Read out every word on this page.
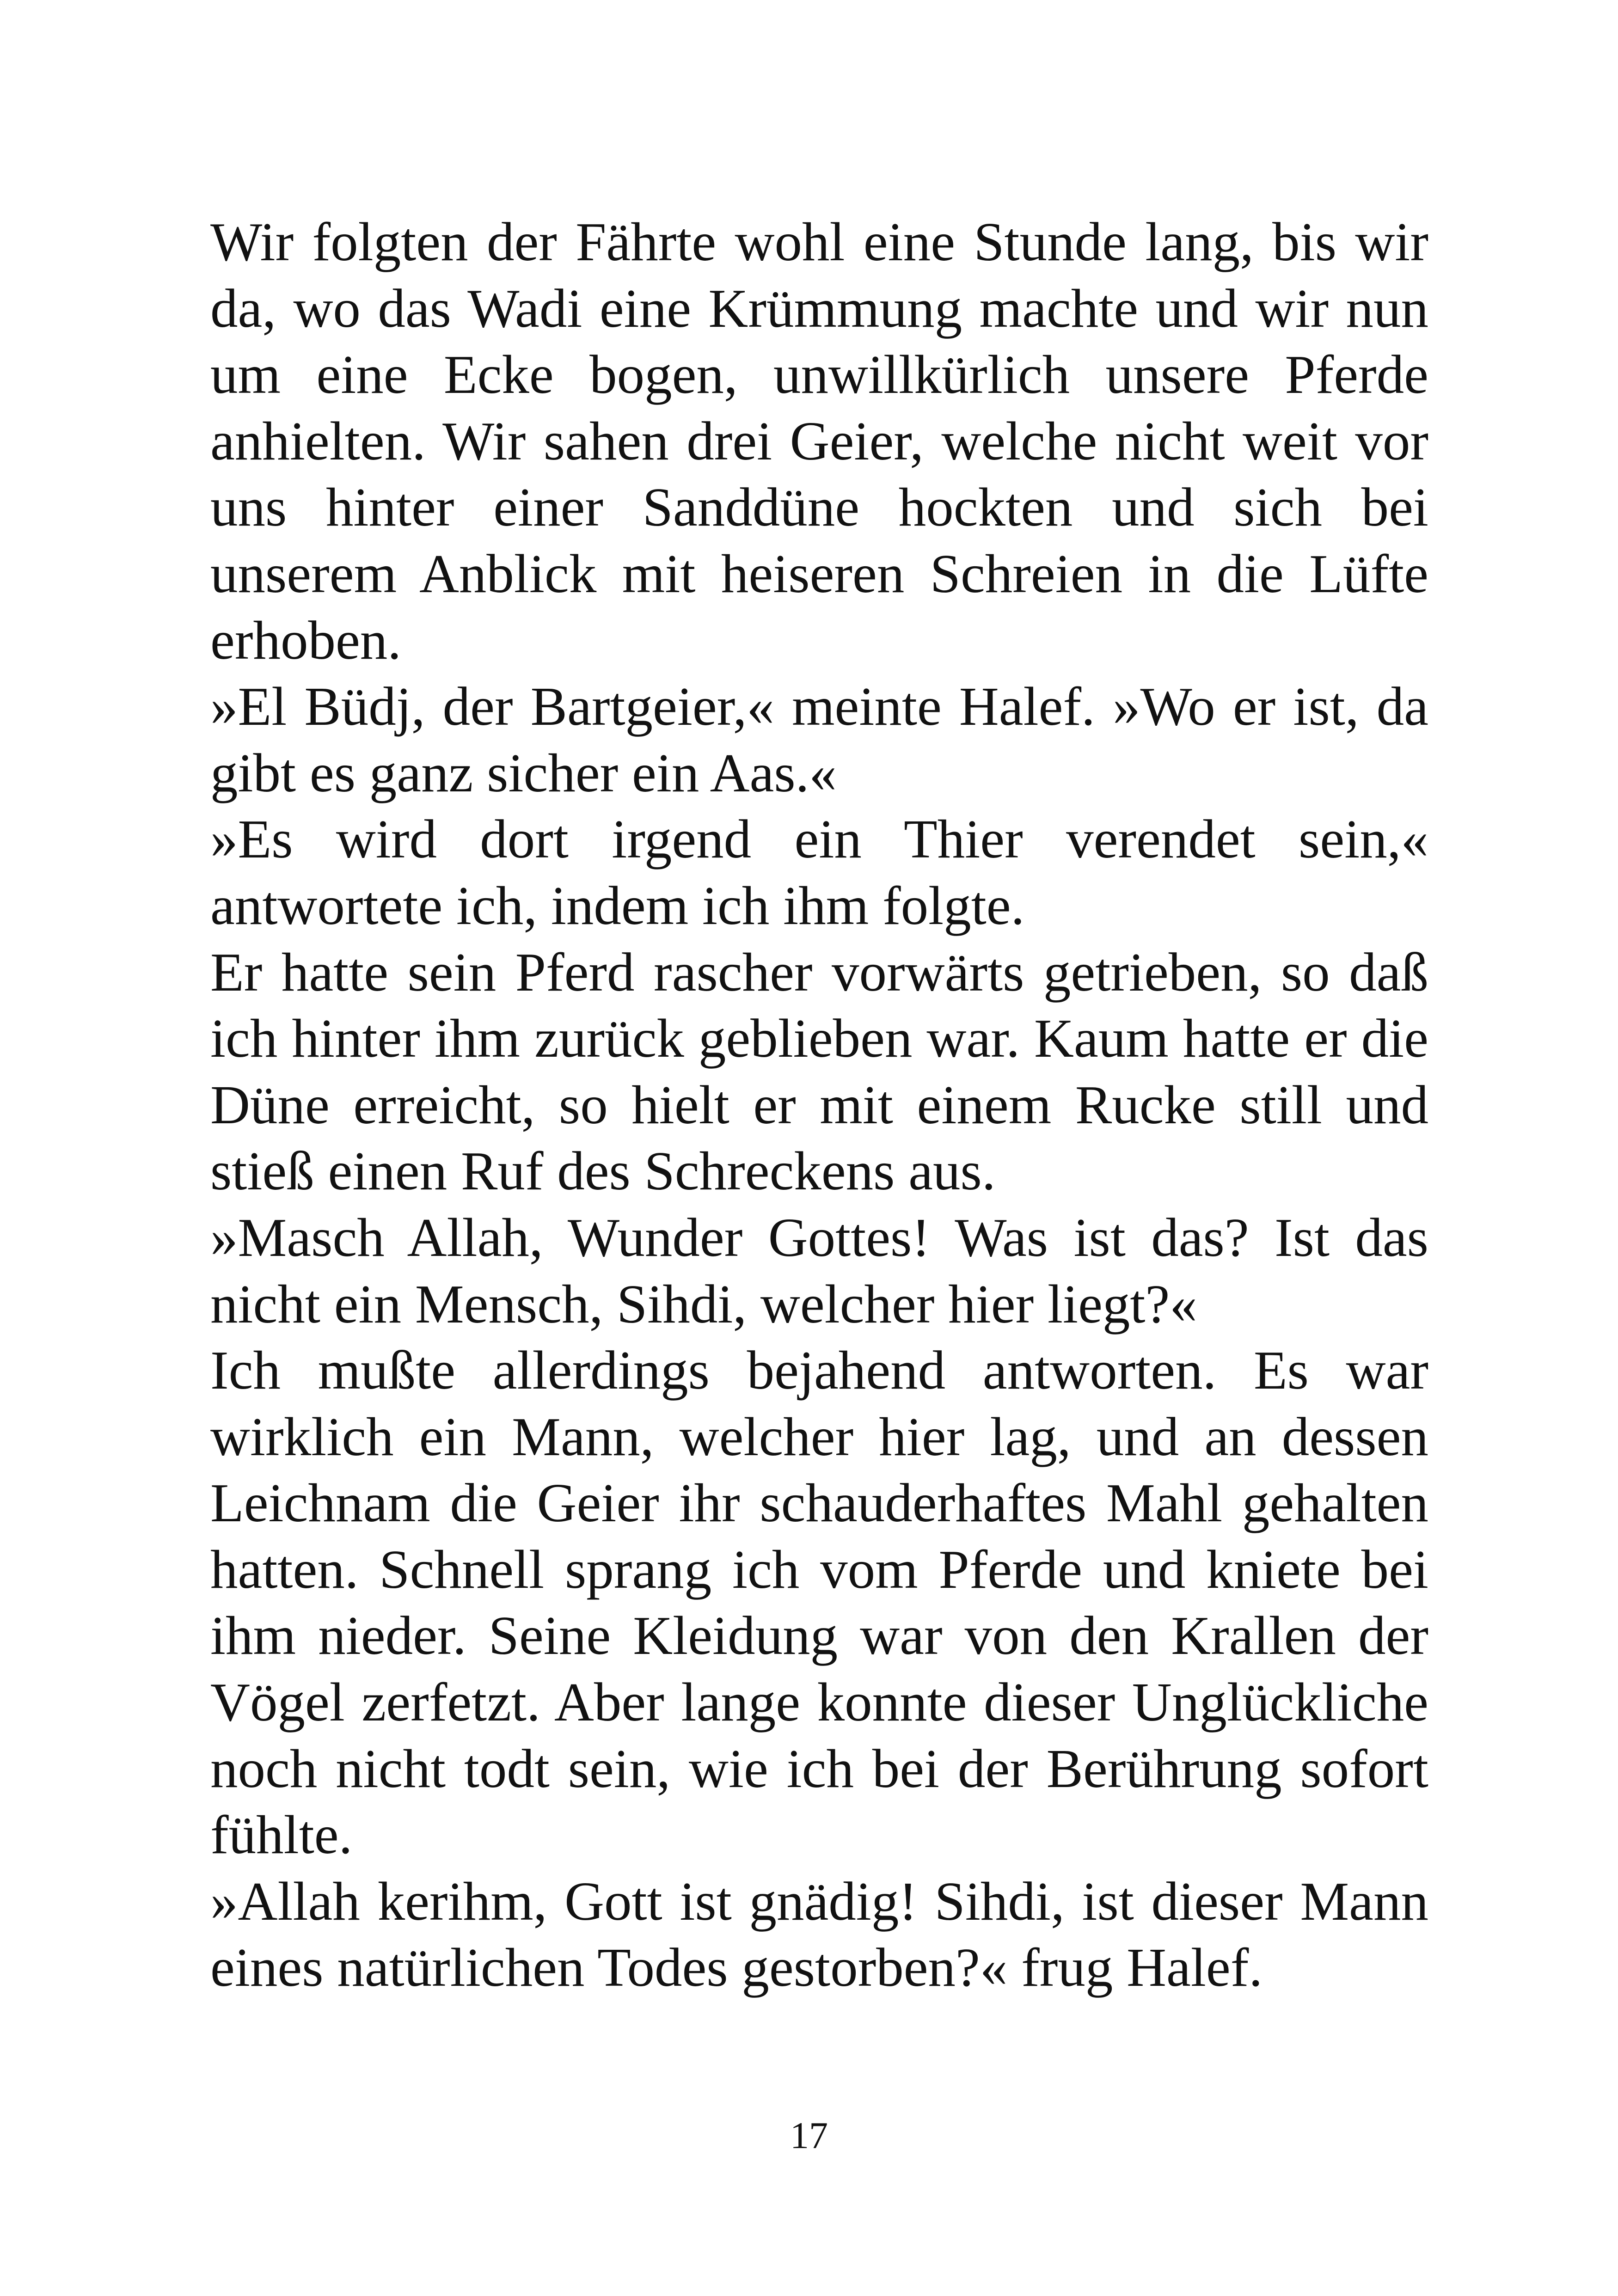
Wir folgten der Fährte wohl eine Stunde lang, bis wir da, wo das Wadi eine Krümmung machte und wir nun um eine Ecke bogen, unwillkürlich unsere Pferde anhielten. Wir sahen drei Geier, welche nicht weit vor uns hinter einer Sanddüne hockten und sich bei unserem Anblick mit heiseren Schreien in die Lüfte erhoben.

»El Büdj, der Bartgeier,« meinte Halef. »Wo er ist, da gibt es ganz sicher ein Aas.«

»Es wird dort irgend ein Thier verendet sein,« antwortete ich, indem ich ihm folgte.

Er hatte sein Pferd rascher vorwärts getrieben, so daß ich hinter ihm zurück geblieben war. Kaum hatte er die Düne erreicht, so hielt er mit einem Rucke still und stieß einen Ruf des Schreckens aus.

»Masch Allah, Wunder Gottes! Was ist das? Ist das nicht ein Mensch, Sihdi, welcher hier liegt?«

Ich mußte allerdings bejahend antworten. Es war wirklich ein Mann, welcher hier lag, und an dessen Leichnam die Geier ihr schauderhaftes Mahl gehalten hatten. Schnell sprang ich vom Pferde und kniete bei ihm nieder. Seine Kleidung war von den Krallen der Vögel zerfetzt. Aber lange konnte dieser Unglückliche noch nicht todt sein, wie ich bei der Berührung sofort fühlte.

»Allah kerihm, Gott ist gnädig! Sihdi, ist dieser Mann eines natürlichen Todes gestorben?« frug Halef.

17
